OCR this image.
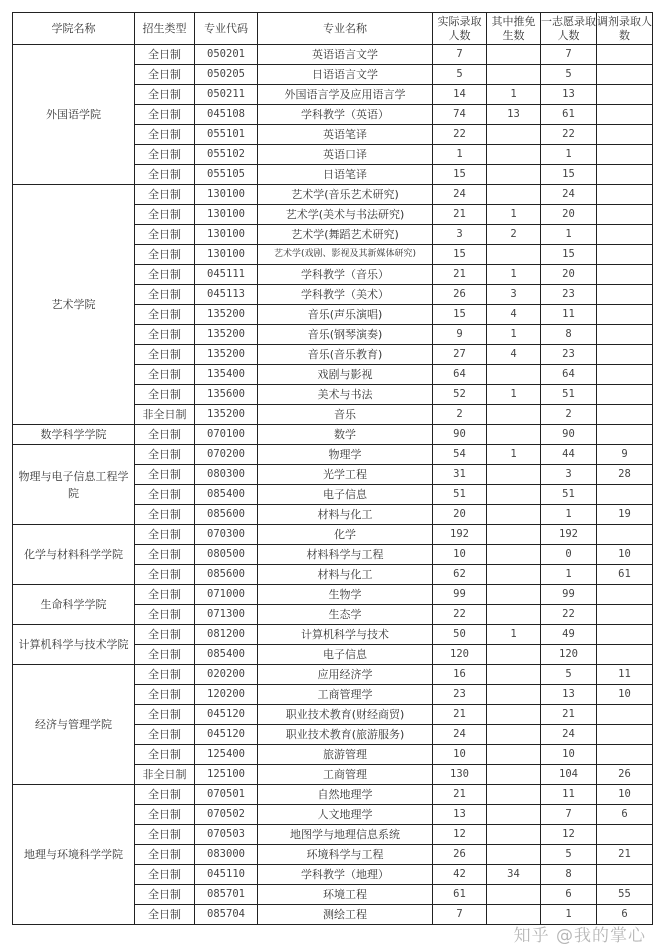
学院名称	招生类型	专业代码	专业名称	实际录取人数	其中推免生数	一志愿录取人数	调剂录取人数
外国语学院	全日制	050201	英语语言文学	7		7	
	全日制	050205	日语语言文学	5		5	
	全日制	050211	外国语言学及应用语言学	14	1	13	
	全日制	045108	学科教学（英语）	74	13	61	
	全日制	055101	英语笔译	22		22	
	全日制	055102	英语口译	1		1	
	全日制	055105	日语笔译	15		15	
艺术学院	全日制	130100	艺术学(音乐艺术研究)	24		24	
	全日制	130100	艺术学(美术与书法研究)	21	1	20	
	全日制	130100	艺术学(舞蹈艺术研究)	3	2	1	
	全日制	130100	艺术学(戏剧、影视及其新媒体研究)	15		15	
	全日制	045111	学科教学（音乐）	21	1	20	
	全日制	045113	学科教学（美术）	26	3	23	
	全日制	135200	音乐(声乐演唱)	15	4	11	
	全日制	135200	音乐(钢琴演奏)	9	1	8	
	全日制	135200	音乐(音乐教育)	27	4	23	
	全日制	135400	戏剧与影视	64		64	
	全日制	135600	美术与书法	52	1	51	
	非全日制	135200	音乐	2		2	
数学科学学院	全日制	070100	数学	90		90	
物理与电子信息工程学院	全日制	070200	物理学	54	1	44	9
	全日制	080300	光学工程	31		3	28
	全日制	085400	电子信息	51		51	
	全日制	085600	材料与化工	20		1	19
化学与材料科学学院	全日制	070300	化学	192		192	
	全日制	080500	材料科学与工程	10		0	10
	全日制	085600	材料与化工	62		1	61
生命科学学院	全日制	071000	生物学	99		99	
	全日制	071300	生态学	22		22	
计算机科学与技术学院	全日制	081200	计算机科学与技术	50	1	49	
	全日制	085400	电子信息	120		120	
经济与管理学院	全日制	020200	应用经济学	16		5	11
	全日制	120200	工商管理学	23		13	10
	全日制	045120	职业技术教育(财经商贸)	21		21	
	全日制	045120	职业技术教育(旅游服务)	24		24	
	全日制	125400	旅游管理	10		10	
	非全日制	125100	工商管理	130		104	26
地理与环境科学学院	全日制	070501	自然地理学	21		11	10
	全日制	070502	人文地理学	13		7	6
	全日制	070503	地图学与地理信息系统	12		12	
	全日制	083000	环境科学与工程	26		5	21
	全日制	045110	学科教学（地理）	42	34	8	
	全日制	085701	环境工程	61		6	55
	全日制	085704	测绘工程	7		1	6
知乎 @我的掌心
